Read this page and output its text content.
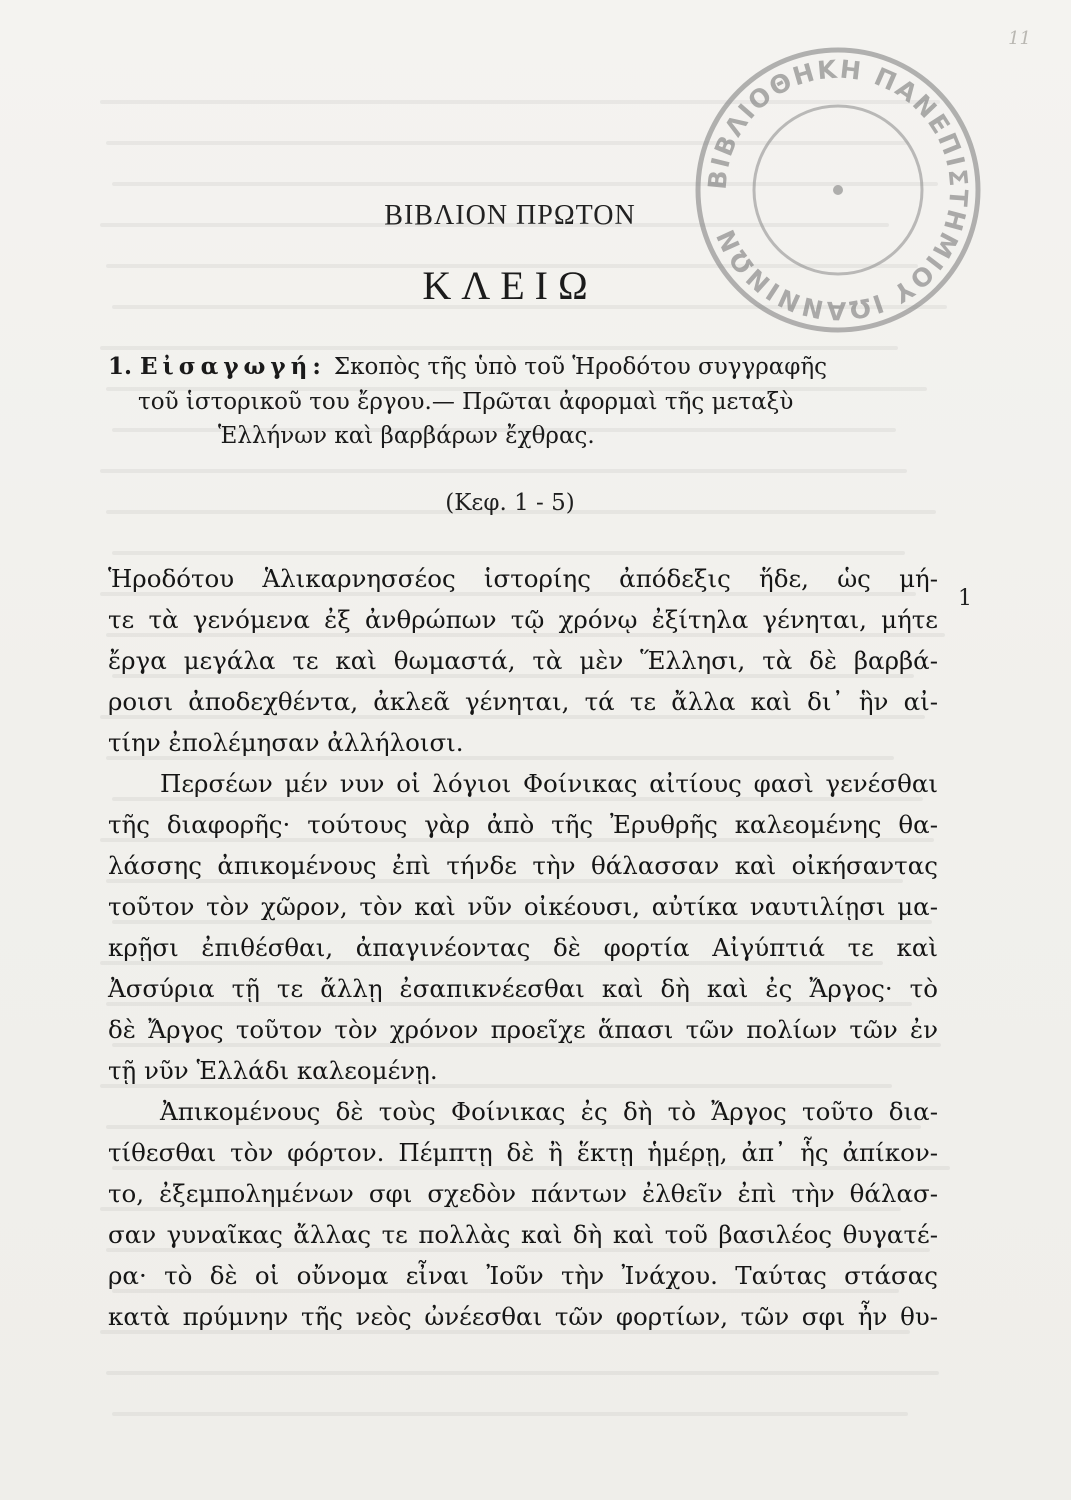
11
ΒΙΒΛΙΟΘΗΚΗ ΠΑΝΕΠΙΣΤΗΜΙΟΥ ΙΩΑΝΝΙΝΩΝ
ΒΙΒΛΙΟΝ ΠΡΩΤΟΝ
ΚΛΕΙΩ
1. Εἰσαγωγή: Σκοπὸς τῆς ὑπὸ τοῦ Ἡροδότου συγγραφῆς
τοῦ ἱστορικοῦ του ἔργου.— Πρῶται ἀφορμαὶ τῆς μεταξὺ
Ἑλλήνων καὶ βαρβάρων ἔχθρας.
(Κεφ. 1 - 5)
1
Ἡροδότου Ἁλικαρνησσέος ἱστορίης ἀπόδεξις ἥδε, ὡς μή-
τε τὰ γενόμενα ἐξ ἀνθρώπων τῷ χρόνῳ ἐξίτηλα γένηται, μήτε
ἔργα μεγάλα τε καὶ θωμαστά, τὰ μὲν Ἕλλησι, τὰ δὲ βαρβά-
ροισι ἀποδεχθέντα, ἀκλεᾶ γένηται, τά τε ἄλλα καὶ δι᾽ ἣν αἰ-
τίην ἐπολέμησαν ἀλλήλοισι.
Περσέων μέν νυν οἱ λόγιοι Φοίνικας αἰτίους φασὶ γενέσθαι
τῆς διαφορῆς· τούτους γὰρ ἀπὸ τῆς Ἐρυθρῆς καλεομένης θα-
λάσσης ἀπικομένους ἐπὶ τήνδε τὴν θάλασσαν καὶ οἰκήσαντας
τοῦτον τὸν χῶρον, τὸν καὶ νῦν οἰκέουσι, αὐτίκα ναυτιλίῃσι μα-
κρῇσι ἐπιθέσθαι, ἀπαγινέοντας δὲ φορτία Αἰγύπτιά τε καὶ
Ἀσσύρια τῇ τε ἄλλῃ ἐσαπικνέεσθαι καὶ δὴ καὶ ἐς Ἄργος· τὸ
δὲ Ἄργος τοῦτον τὸν χρόνον προεῖχε ἅπασι τῶν πολίων τῶν ἐν
τῇ νῦν Ἑλλάδι καλεομένῃ.
Ἀπικομένους δὲ τοὺς Φοίνικας ἐς δὴ τὸ Ἄργος τοῦτο δια-
τίθεσθαι τὸν φόρτον. Πέμπτῃ δὲ ἢ ἕκτῃ ἡμέρῃ, ἀπ᾽ ἧς ἀπίκον-
το, ἐξεμπολημένων σφι σχεδὸν πάντων ἐλθεῖν ἐπὶ τὴν θάλασ-
σαν γυναῖκας ἄλλας τε πολλὰς καὶ δὴ καὶ τοῦ βασιλέος θυγατέ-
ρα· τὸ δὲ οἱ οὔνομα εἶναι Ἰοῦν τὴν Ἰνάχου. Ταύτας στάσας
κατὰ πρύμνην τῆς νεὸς ὠνέεσθαι τῶν φορτίων, τῶν σφι ἦν θυ-
